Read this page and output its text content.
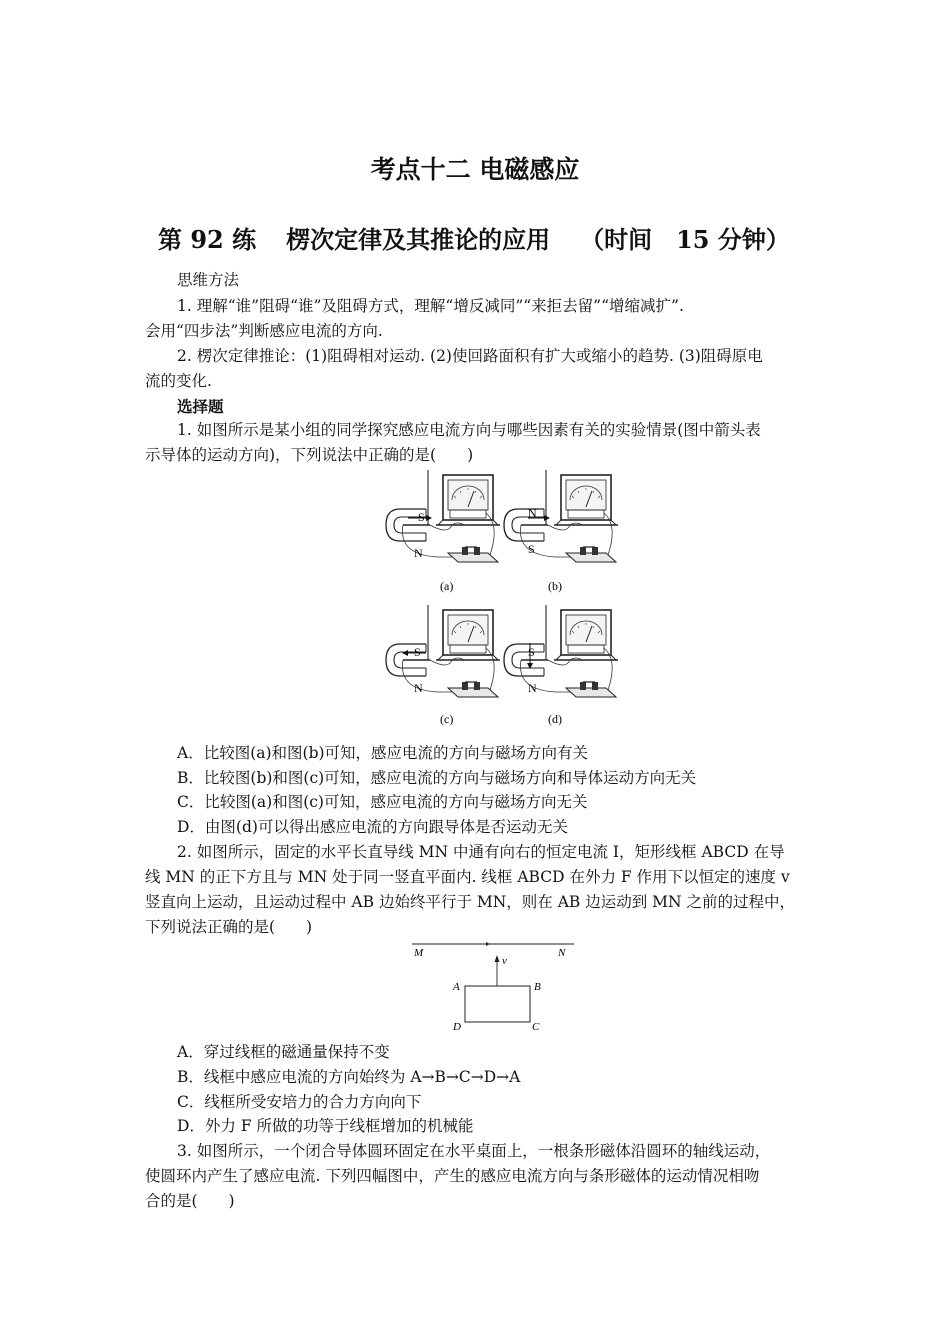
考点十二 电磁感应
第 92 练 楞次定律及其推论的应用 （时间　15 分钟）
思维方法
1. 理解“谁”阻碍“谁”及阻碍方式，理解“增反减同”“来拒去留”“增缩减扩”.
会用“四步法”判断感应电流的方向.
2. 楞次定律推论：(1)阻碍相对运动. (2)使回路面积有扩大或缩小的趋势. (3)阻碍原电
流的变化.
选择题
1. 如图所示是某小组的同学探究感应电流方向与哪些因素有关的实验情景(图中箭头表
示导体的运动方向)，下列说法中正确的是(　　)
S
N
(a)
N
S
(b)
S
N
(c)
S
N
(d)
A．比较图(a)和图(b)可知，感应电流的方向与磁场方向有关
B．比较图(b)和图(c)可知，感应电流的方向与磁场方向和导体运动方向无关
C．比较图(a)和图(c)可知，感应电流的方向与磁场方向无关
D．由图(d)可以得出感应电流的方向跟导体是否运动无关
2. 如图所示，固定的水平长直导线 MN 中通有向右的恒定电流 I，矩形线框 ABCD 在导
线 MN 的正下方且与 MN 处于同一竖直平面内. 线框 ABCD 在外力 F 作用下以恒定的速度 v
竖直向上运动，且运动过程中 AB 边始终平行于 MN，则在 AB 边运动到 MN 之前的过程中，
下列说法正确的是(　　)
M	N
v
A	B
C
D
A．穿过线框的磁通量保持不变
B．线框中感应电流的方向始终为 A→B→C→D→A
C．线框所受安培力的合力方向向下
D．外力 F 所做的功等于线框增加的机械能
3. 如图所示，一个闭合导体圆环固定在水平桌面上，一根条形磁体沿圆环的轴线运动，
使圆环内产生了感应电流. 下列四幅图中，产生的感应电流方向与条形磁体的运动情况相吻
合的是(　　)
